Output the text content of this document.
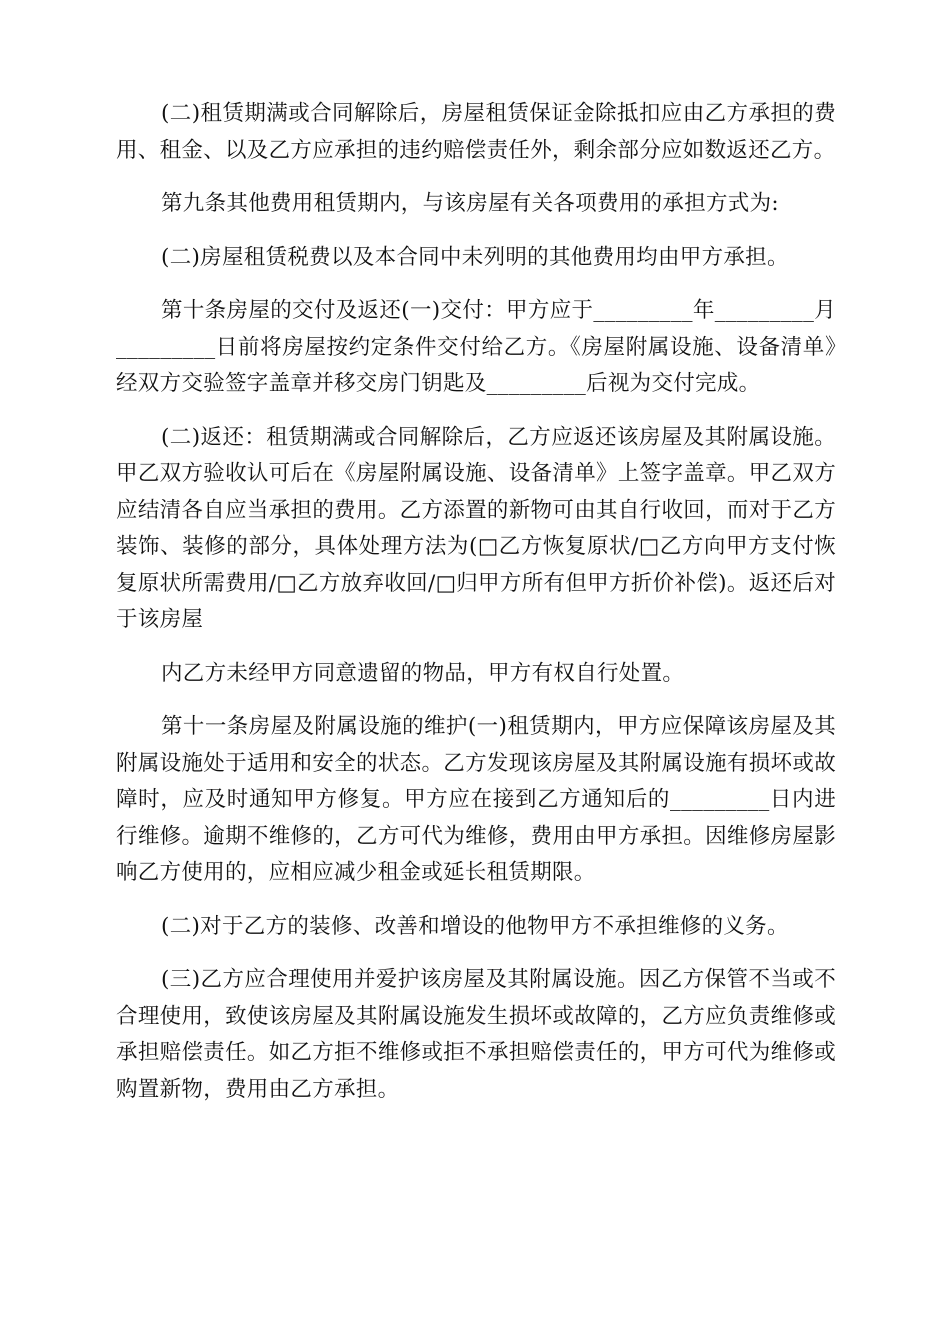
(二)租赁期满或合同解除后，房屋租赁保证金除抵扣应由乙方承担的费用、租金、以及乙方应承担的违约赔偿责任外，剩余部分应如数返还乙方。

第九条其他费用租赁期内，与该房屋有关各项费用的承担方式为:

(二)房屋租赁税费以及本合同中未列明的其他费用均由甲方承担。

第十条房屋的交付及返还(一)交付：甲方应于_________年_________月_________日前将房屋按约定条件交付给乙方。《房屋附属设施、设备清单》经双方交验签字盖章并移交房门钥匙及_________后视为交付完成。

(二)返还：租赁期满或合同解除后，乙方应返还该房屋及其附属设施。甲乙双方验收认可后在《房屋附属设施、设备清单》上签字盖章。甲乙双方应结清各自应当承担的费用。乙方添置的新物可由其自行收回，而对于乙方装饰、装修的部分，具体处理方法为(□乙方恢复原状/□乙方向甲方支付恢复原状所需费用/□乙方放弃收回/□归甲方所有但甲方折价补偿)。返还后对于该房屋

内乙方未经甲方同意遗留的物品，甲方有权自行处置。

第十一条房屋及附属设施的维护(一)租赁期内，甲方应保障该房屋及其附属设施处于适用和安全的状态。乙方发现该房屋及其附属设施有损坏或故障时，应及时通知甲方修复。甲方应在接到乙方通知后的_________日内进行维修。逾期不维修的，乙方可代为维修，费用由甲方承担。因维修房屋影响乙方使用的，应相应减少租金或延长租赁期限。

(二)对于乙方的装修、改善和增设的他物甲方不承担维修的义务。

(三)乙方应合理使用并爱护该房屋及其附属设施。因乙方保管不当或不合理使用，致使该房屋及其附属设施发生损坏或故障的，乙方应负责维修或承担赔偿责任。如乙方拒不维修或拒不承担赔偿责任的，甲方可代为维修或购置新物，费用由乙方承担。
